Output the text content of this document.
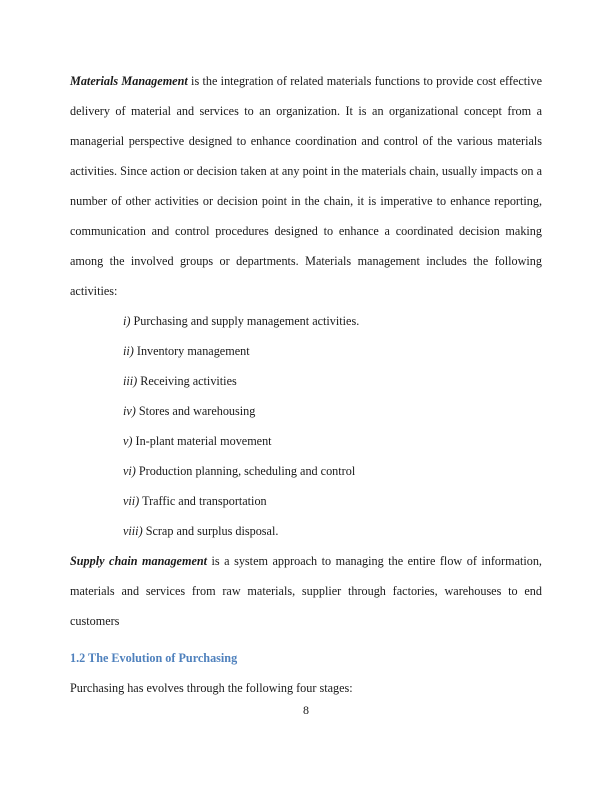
Materials Management is the integration of related materials functions to provide cost effective delivery of material and services to an organization. It is an organizational concept from a managerial perspective designed to enhance coordination and control of the various materials activities. Since action or decision taken at any point in the materials chain, usually impacts on a number of other activities or decision point in the chain, it is imperative to enhance reporting, communication and control procedures designed to enhance a coordinated decision making among the involved groups or departments. Materials management includes the following activities:

i) Purchasing and supply management activities.
ii) Inventory management
iii) Receiving activities
iv) Stores and warehousing
v) In-plant material movement
vi) Production planning, scheduling and control
vii) Traffic and transportation
viii) Scrap and surplus disposal.

Supply chain management is a system approach to managing the entire flow of information, materials and services from raw materials, supplier through factories, warehouses to end customers

1.2 The Evolution of Purchasing

Purchasing has evolves through the following four stages:

8
